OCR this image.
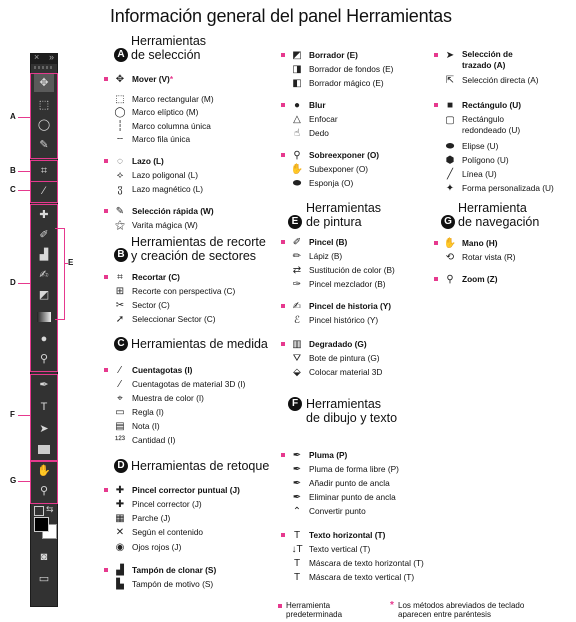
Información general del panel Herramientas
× »
✥
⬚
◯
✎
⌗
⁄
✚
✐
▟
✍
◩
●
⚲
✒
T
➤
✋
⚲
⇆
◙
▭
A
B
C
D
E
F
G
A
Herramientas
de selección
B
Herramientas de recorte
y creación de sectores
C Herramientas de medida
D Herramientas de retoque
E
Herramientas
de pintura
F Herramientas
de dibujo y texto
G
Herramienta
de navegación
✥ Mover (V)*
⬚ Marco rectangular (M)
◯ Marco elíptico (M)
┆	Marco columna única
┄	Marco fila única
◌	Lazo (L)
⟡	Lazo poligonal (L)
ჳ	Lazo magnético (L)
✎ Selección rápida (W)
⚝ Varita mágica (W)
⌗	Recortar (C)
⊞ Recorte con perspectiva (C)
✂ Sector (C)
➚ Seleccionar Sector (C)
⁄	Cuentagotas (I)
⁄	Cuentagotas de material 3D (I)
⌖	Muestra de color (I)
▭ Regla (I)
▤ Nota (I)
¹²³ Cantidad (I)
✚ Pincel corrector puntual (J)
✚ Pincel corrector (J)
▦ Parche (J)
✕ Según el contenido
◉ Ojos rojos (J)
▟ Tampón de clonar (S)
▙ Tampón de motivo (S)
◩ Borrador (E)
◨ Borrador de fondos (E)
◧ Borrador mágico (E)
●	Blur
△ Enfocar
☝	Dedo
⚲	Sobreexponer (O)
✋ Subexponer (O)
⬬ Esponja (O)
✐ Pincel (B)
✏ Lápiz (B)
⇄ Sustitución de color (B)
✑ Pincel mezclador (B)
✍ Pincel de historia (Y)
ℰ	Pincel histórico (Y)
▥ Degradado (G)
⛛ Bote de pintura (G)
⬙ Colocar material 3D
✒ Pluma (P)
✒ Pluma de forma libre (P)
✒ Añadir punto de ancla
✒ Eliminar punto de ancla
⌃ Convertir punto
T	Texto horizontal (T)
↓T Texto vertical (T)
T	Máscara de texto horizontal (T)
T	Máscara de texto vertical (T)
➤ Selección de
trazado (A)
⇱ Selección directa (A)
■	Rectángulo (U)
▢ Rectángulo
redondeado (U)
⬬ Elipse (U)
⬢ Polígono (U)
╱	Línea (U)
✦ Forma personalizada (U)
✋ Mano (H)
⟲ Rotar vista (R)
⚲	Zoom (Z)
Herramienta
predeterminada
* Los métodos abreviados de teclado
aparecen entre paréntesis
